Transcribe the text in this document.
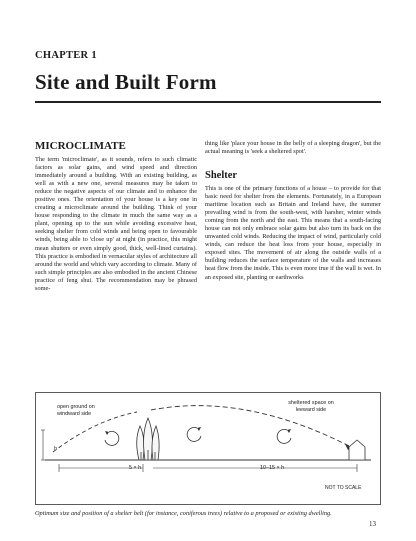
CHAPTER 1
Site and Built Form
MICROCLIMATE
The term 'microclimate', as it sounds, refers to such climatic factors as solar gains, and wind speed and direction immediately around a building. With an existing building, as well as with a new one, several measures may be taken to reduce the negative aspects of our climate and to enhance the positive ones. The orientation of your house is a key one in creating a microclimate around the building. Think of your house responding to the climate in much the same way as a plant, opening up to the sun while avoiding excessive heat, seeking shelter from cold winds and being open to favourable winds, being able to 'close up' at night (in practice, this might mean shutters or even simply good, thick, well-lined curtains). This practice is embodied in vernacular styles of architecture all around the world and which vary according to climate. Many of such simple principles are also embodied in the ancient Chinese practice of feng shui. The recommendation may be phrased some-
thing like 'place your house in the belly of a sleeping dragon', but the actual meaning is 'seek a sheltered spot'.
Shelter
This is one of the primary functions of a house – to provide for that basic need for shelter from the elements. Fortunately, in a European maritime location such as Britain and Ireland have, the summer prevailing wind is from the south-west, with harsher, winter winds coming from the north and the east. This means that a south-facing house can not only embrace solar gains but also turn its back on the unwanted cold winds. Reducing the impact of wind, particularly cold winds, can reduce the heat loss from your house, especially in exposed sites. The movement of air along the outside walls of a building reduces the surface temperature of the walls and increases heat flow from the inside. This is even more true if the wall is wet. In an exposed site, planting or earthworks
open ground on windward side
sheltered space on leeward side
h
5 × h	10–15 × h
NOT TO SCALE
Optimum size and position of a shelter belt (for instance, coniferous trees) relative to a proposed or existing dwelling.
13
